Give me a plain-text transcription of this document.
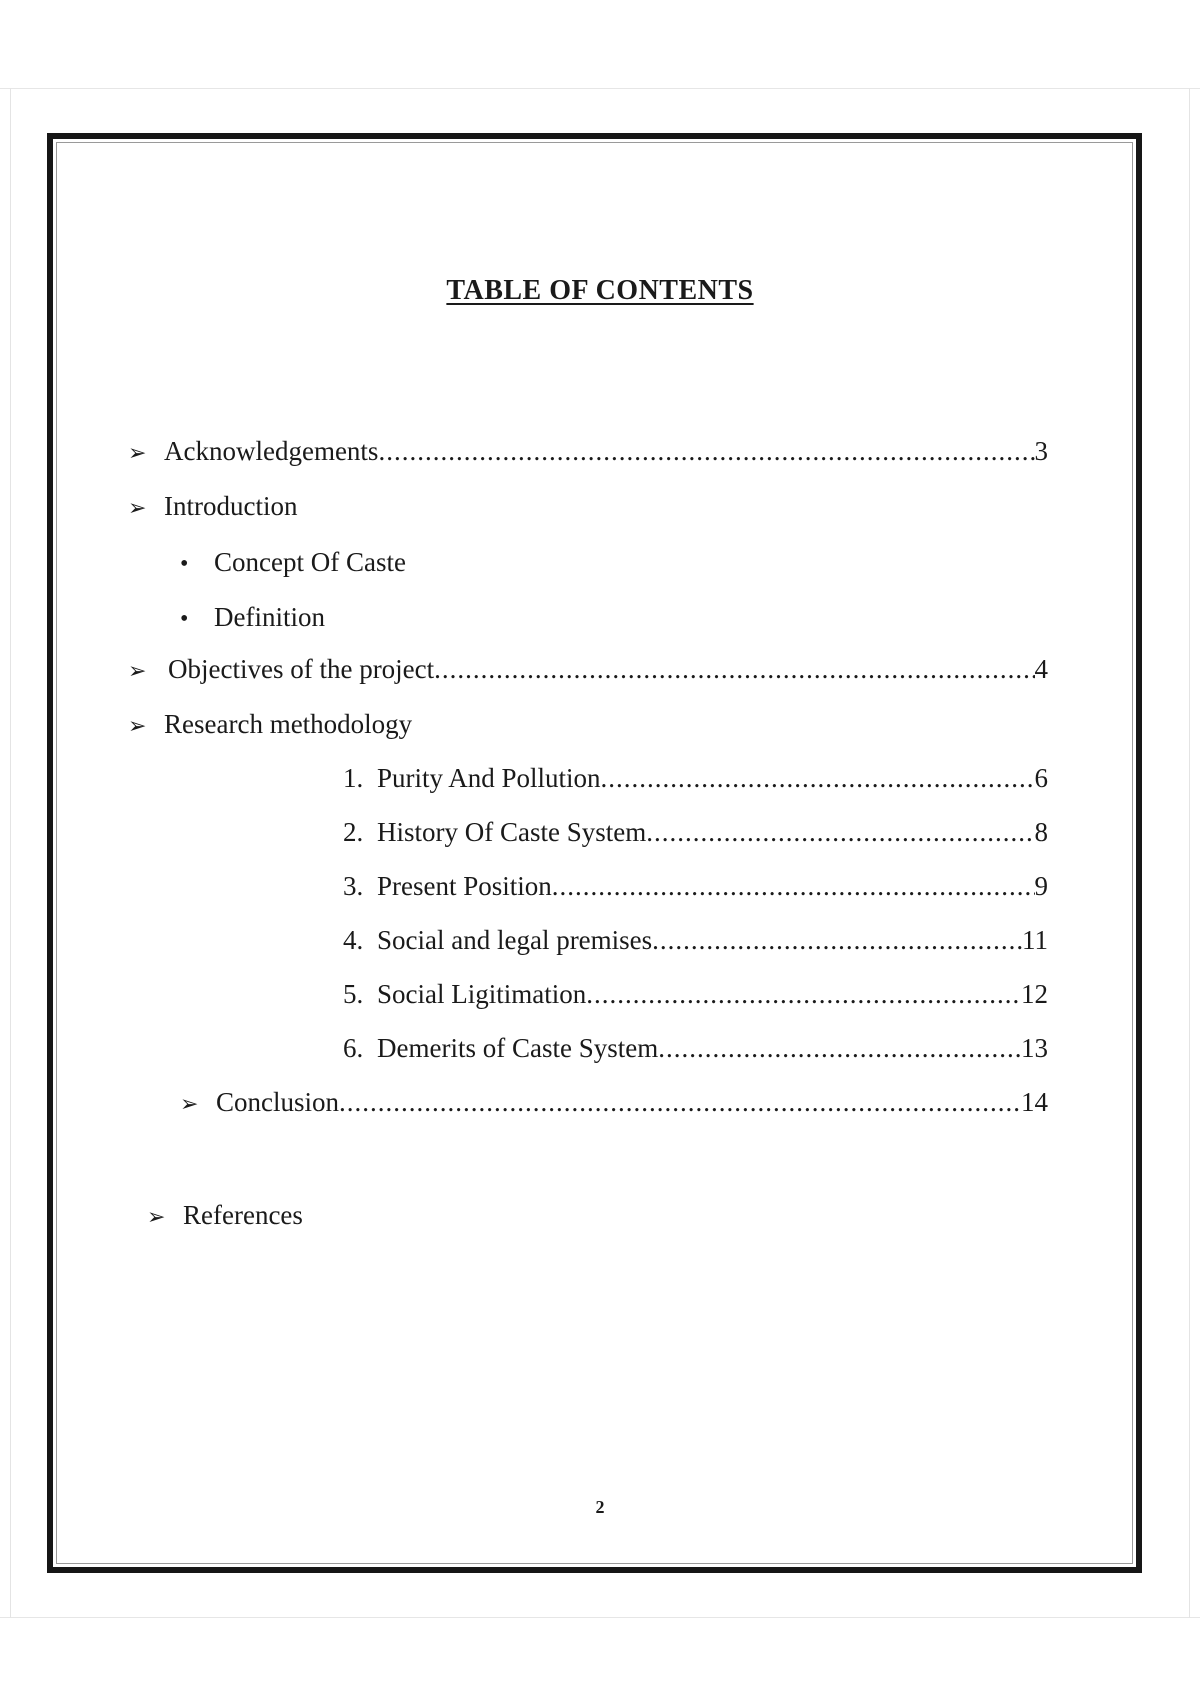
TABLE OF CONTENTS
➢ Acknowledgements .....	3
➢ Introduction
• Concept Of Caste
• Definition
➢ Objectives of the project .....	4
➢ Research methodology
1. Purity And Pollution .....	6
2. History Of Caste System .....	8
3. Present Position .....	9
4. Social and legal premises .....	11
5. Social Ligitimation .....	12
6. Demerits of Caste System .....	13
➢ Conclusion .....	14
➢ References
2
